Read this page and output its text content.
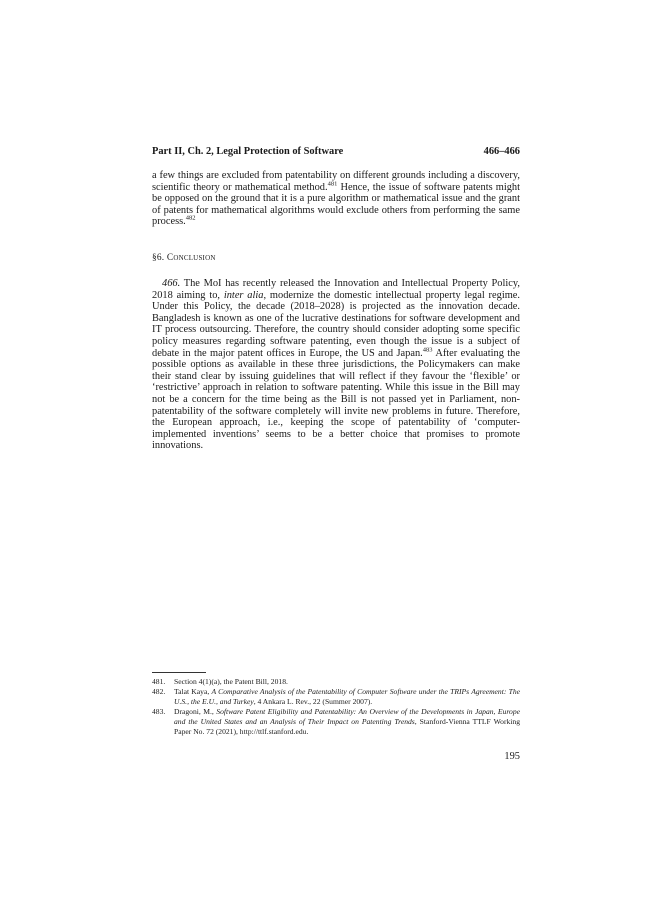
Part II, Ch. 2, Legal Protection of Software	466–466

a few things are excluded from patentability on different grounds including a discovery, scientific theory or mathematical method.$^{481}$ Hence, the issue of software patents might be opposed on the ground that it is a pure algorithm or mathematical issue and the grant of patents for mathematical algorithms would exclude others from performing the same process.$^{482}$

§6. Conclusion

466. The MoI has recently released the Innovation and Intellectual Property Policy, 2018 aiming to, inter alia, modernize the domestic intellectual property legal regime. Under this Policy, the decade (2018–2028) is projected as the innovation decade. Bangladesh is known as one of the lucrative destinations for software development and IT process outsourcing. Therefore, the country should consider adopting some specific policy measures regarding software patenting, even though the issue is a subject of debate in the major patent offices in Europe, the US and Japan.$^{483}$ After evaluating the possible options as available in these three jurisdictions, the Policymakers can make their stand clear by issuing guidelines that will reflect if they favour the ‘flexible’ or ‘restrictive’ approach in relation to software patenting. While this issue in the Bill may not be a concern for the time being as the Bill is not passed yet in Parliament, non-patentability of the software completely will invite new problems in future. Therefore, the European approach, i.e., keeping the scope of patentability of ‘computer-implemented inventions’ seems to be a better choice that promises to promote innovations.

481.	Section 4(1)(a), the Patent Bill, 2018.
482.	Talat Kaya, A Comparative Analysis of the Patentability of Computer Software under the TRIPs Agreement: The U.S., the E.U., and Turkey, 4 Ankara L. Rev., 22 (Summer 2007).
483.	Dragoni, M., Software Patent Eligibility and Patentability: An Overview of the Developments in Japan, Europe and the United States and an Analysis of Their Impact on Patenting Trends, Stanford-Vienna TTLF Working Paper No. 72 (2021), http://ttlf.stanford.edu.
195
